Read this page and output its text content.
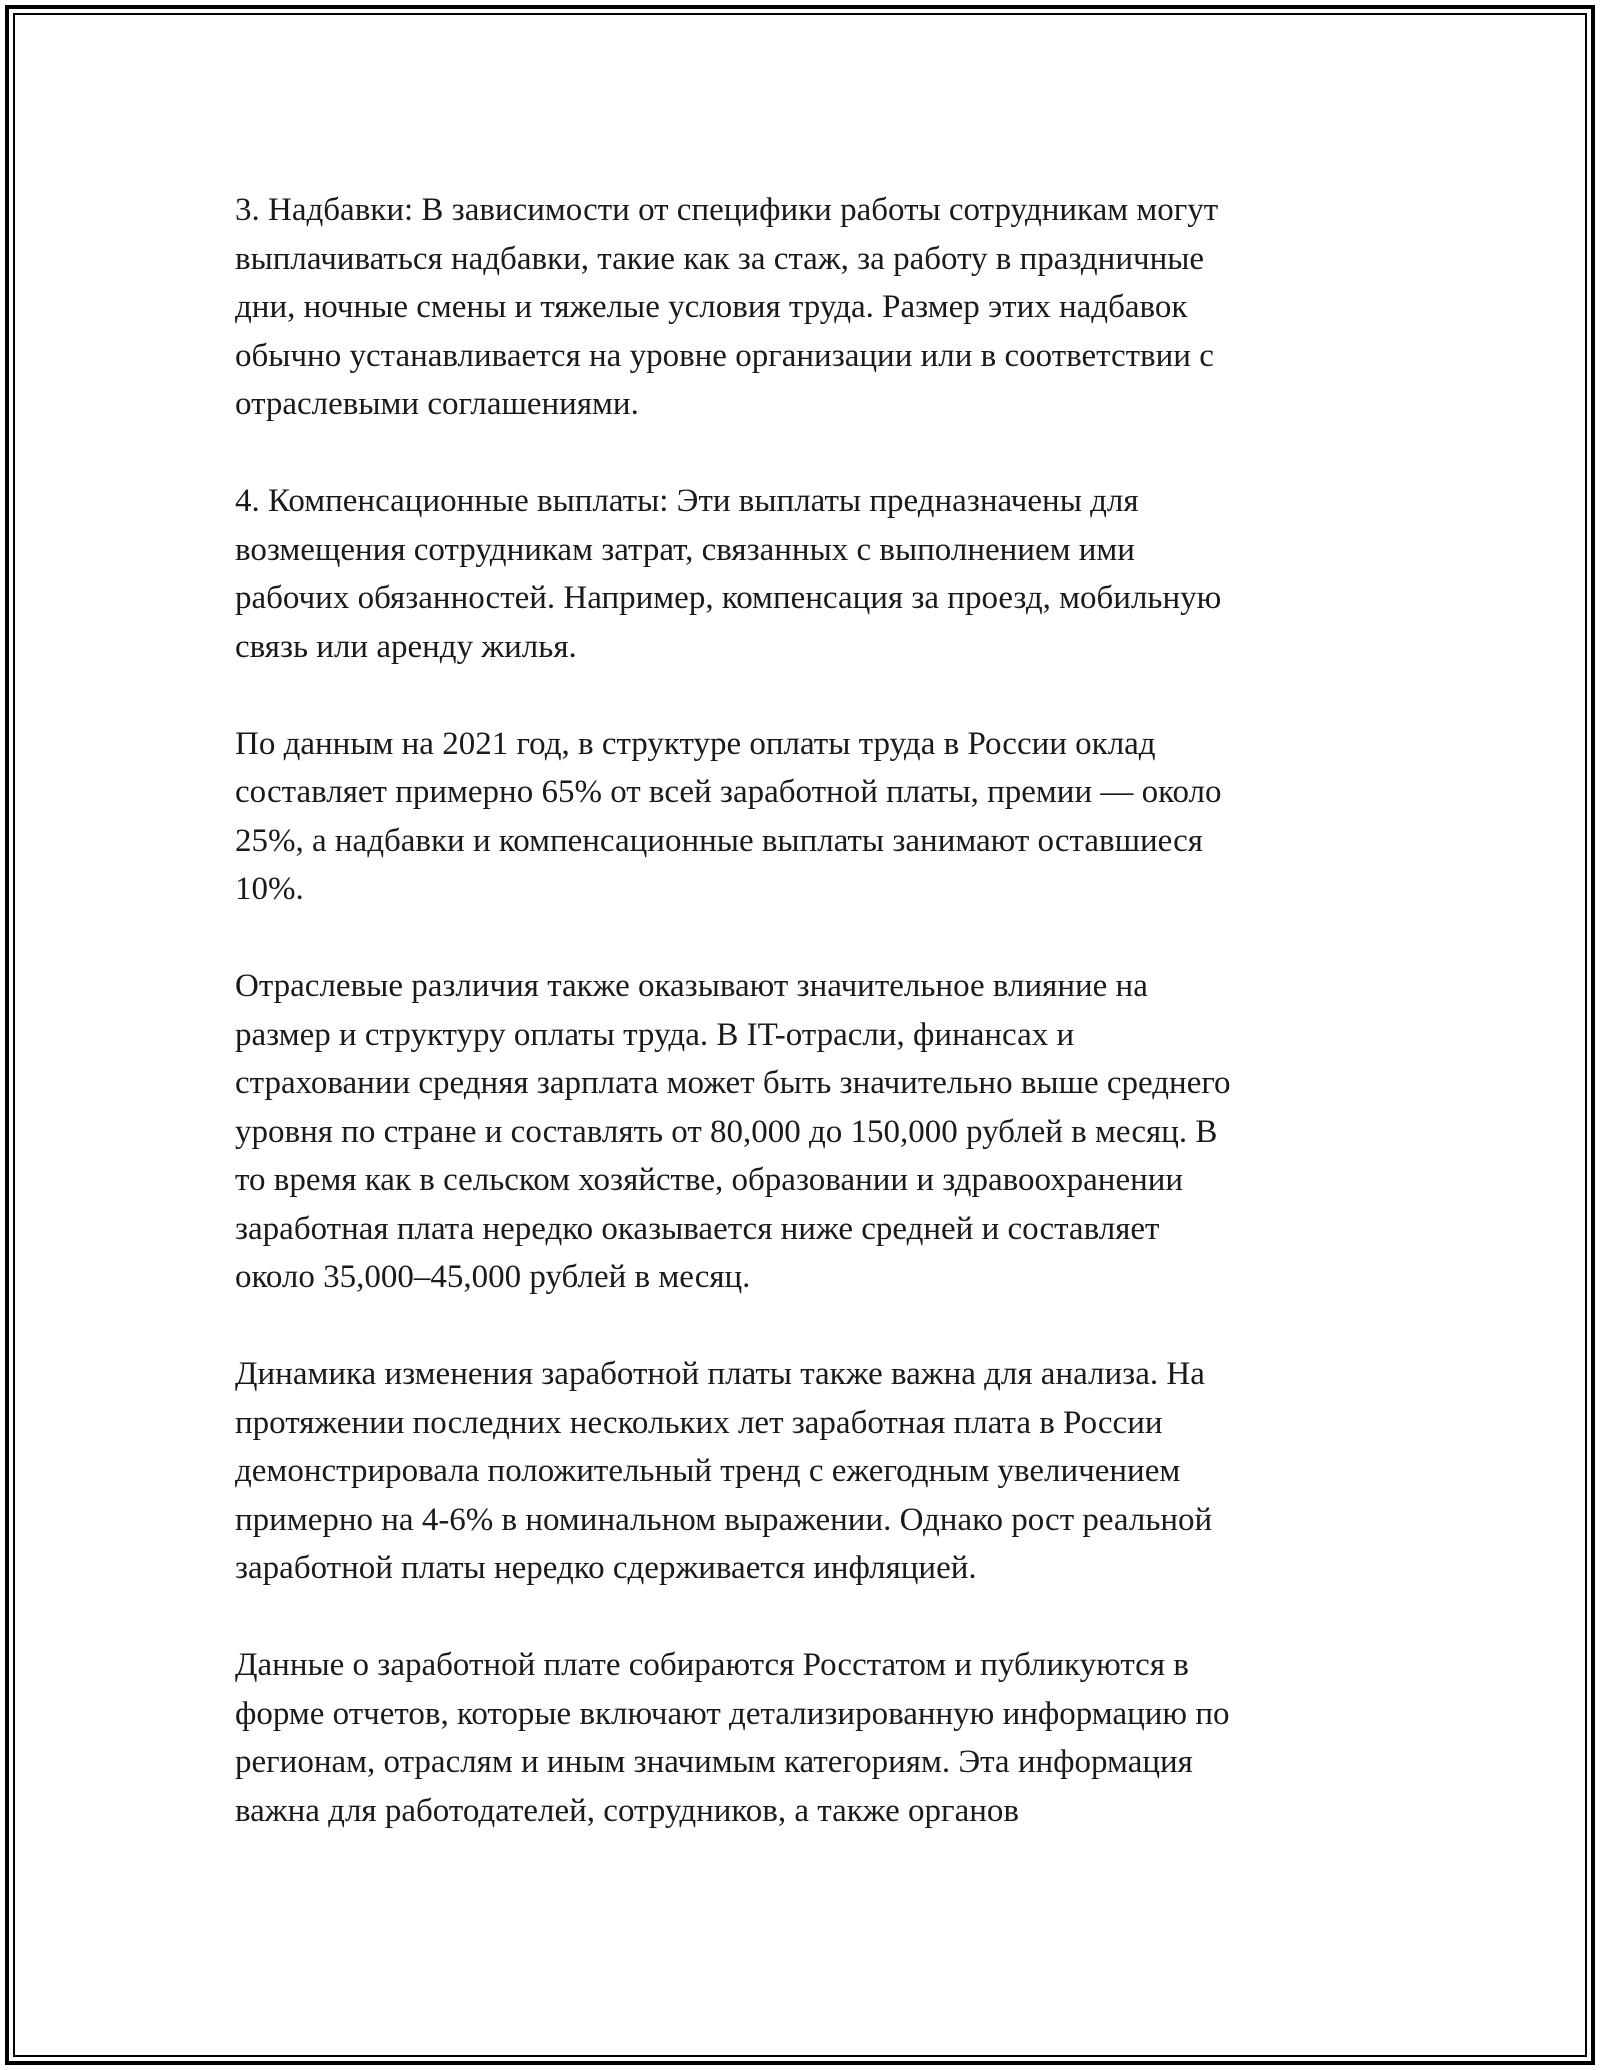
3. Надбавки: В зависимости от специфики работы сотрудникам могут
выплачиваться надбавки, такие как за стаж, за работу в праздничные
дни, ночные смены и тяжелые условия труда. Размер этих надбавок
обычно устанавливается на уровне организации или в соответствии с
отраслевыми соглашениями.

4. Компенсационные выплаты: Эти выплаты предназначены для
возмещения сотрудникам затрат, связанных с выполнением ими
рабочих обязанностей. Например, компенсация за проезд, мобильную
связь или аренду жилья.

По данным на 2021 год, в структуре оплаты труда в России оклад
составляет примерно 65% от всей заработной платы, премии — около
25%, а надбавки и компенсационные выплаты занимают оставшиеся
10%.

Отраслевые различия также оказывают значительное влияние на
размер и структуру оплаты труда. В IT-отрасли, финансах и
страховании средняя зарплата может быть значительно выше среднего
уровня по стране и составлять от 80,000 до 150,000 рублей в месяц. В
то время как в сельском хозяйстве, образовании и здравоохранении
заработная плата нередко оказывается ниже средней и составляет
около 35,000–45,000 рублей в месяц.

Динамика изменения заработной платы также важна для анализа. На
протяжении последних нескольких лет заработная плата в России
демонстрировала положительный тренд с ежегодным увеличением
примерно на 4-6% в номинальном выражении. Однако рост реальной
заработной платы нередко сдерживается инфляцией.

Данные о заработной плате собираются Росстатом и публикуются в
форме отчетов, которые включают детализированную информацию по
регионам, отраслям и иным значимым категориям. Эта информация
важна для работодателей, сотрудников, а также органов
